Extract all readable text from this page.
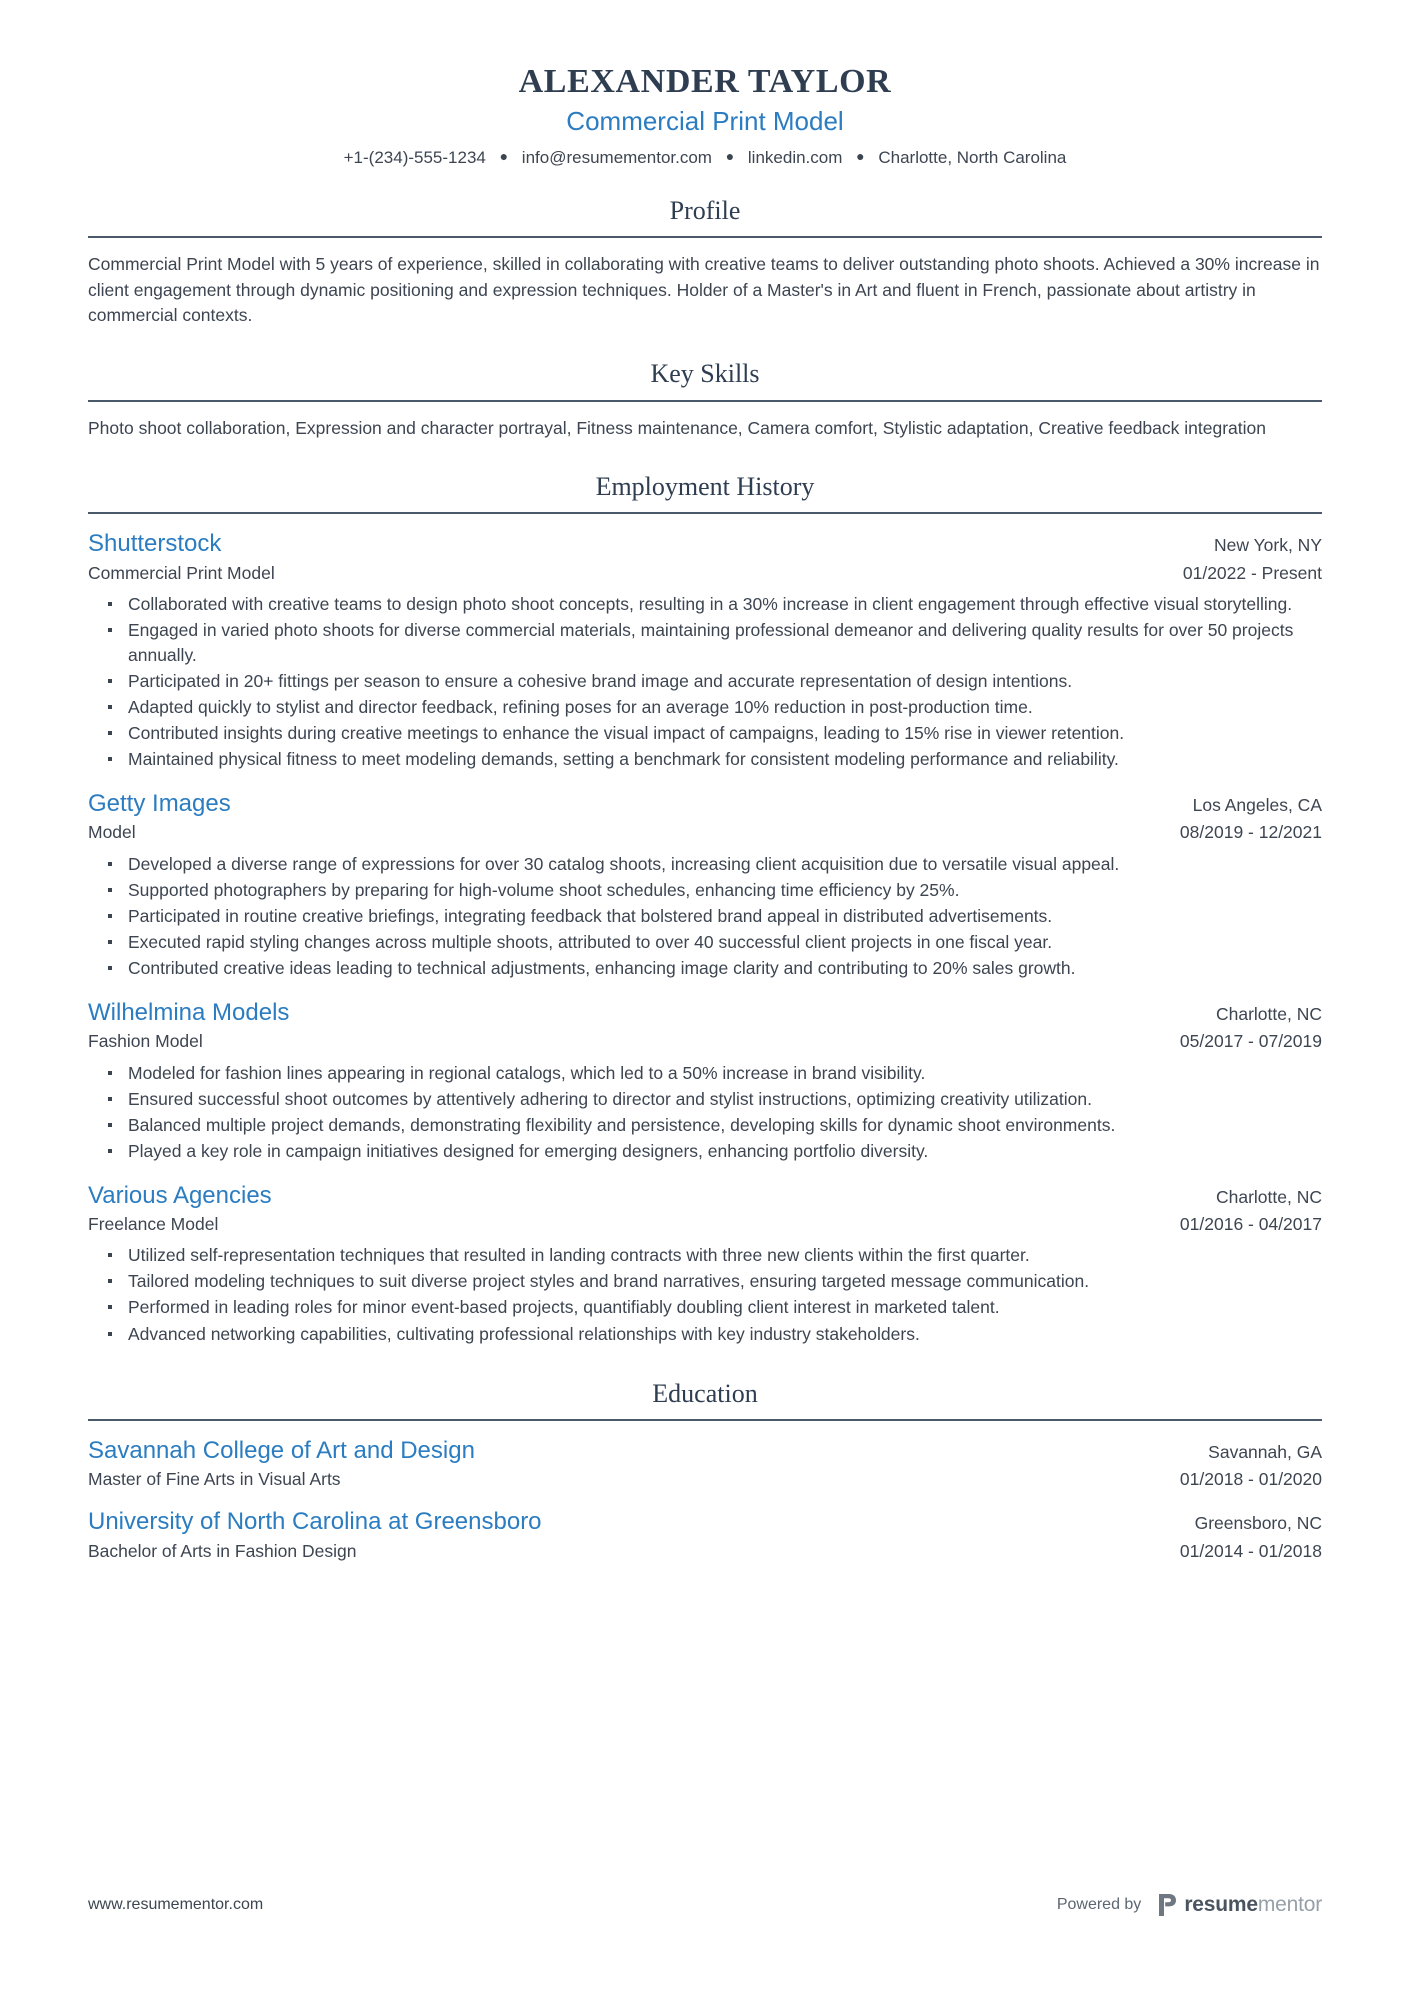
ALEXANDER TAYLOR
Commercial Print Model
+1-(234)-555-1234 ● info@resumementor.com ● linkedin.com ● Charlotte, North Carolina
Profile

Commercial Print Model with 5 years of experience, skilled in collaborating with creative teams to deliver outstanding photo shoots. Achieved a 30% increase in client engagement through dynamic positioning and expression techniques. Holder of a Master's in Art and fluent in French, passionate about artistry in commercial contexts.

Key Skills

Photo shoot collaboration, Expression and character portrayal, Fitness maintenance, Camera comfort, Stylistic adaptation, Creative feedback integration

Employment History
Shutterstock	New York, NY
Commercial Print Model	01/2022 - Present
Collaborated with creative teams to design photo shoot concepts, resulting in a 30% increase in client engagement through effective visual storytelling.
Engaged in varied photo shoots for diverse commercial materials, maintaining professional demeanor and delivering quality results for over 50 projects annually.
Participated in 20+ fittings per season to ensure a cohesive brand image and accurate representation of design intentions.
Adapted quickly to stylist and director feedback, refining poses for an average 10% reduction in post-production time.
Contributed insights during creative meetings to enhance the visual impact of campaigns, leading to 15% rise in viewer retention.
Maintained physical fitness to meet modeling demands, setting a benchmark for consistent modeling performance and reliability.
Getty Images	Los Angeles, CA
Model	08/2019 - 12/2021
Developed a diverse range of expressions for over 30 catalog shoots, increasing client acquisition due to versatile visual appeal.
Supported photographers by preparing for high-volume shoot schedules, enhancing time efficiency by 25%.
Participated in routine creative briefings, integrating feedback that bolstered brand appeal in distributed advertisements.
Executed rapid styling changes across multiple shoots, attributed to over 40 successful client projects in one fiscal year.
Contributed creative ideas leading to technical adjustments, enhancing image clarity and contributing to 20% sales growth.
Wilhelmina Models	Charlotte, NC
Fashion Model	05/2017 - 07/2019
Modeled for fashion lines appearing in regional catalogs, which led to a 50% increase in brand visibility.
Ensured successful shoot outcomes by attentively adhering to director and stylist instructions, optimizing creativity utilization.
Balanced multiple project demands, demonstrating flexibility and persistence, developing skills for dynamic shoot environments.
Played a key role in campaign initiatives designed for emerging designers, enhancing portfolio diversity.
Various Agencies	Charlotte, NC
Freelance Model	01/2016 - 04/2017
Utilized self-representation techniques that resulted in landing contracts with three new clients within the first quarter.
Tailored modeling techniques to suit diverse project styles and brand narratives, ensuring targeted message communication.
Performed in leading roles for minor event-based projects, quantifiably doubling client interest in marketed talent.
Advanced networking capabilities, cultivating professional relationships with key industry stakeholders.
Education
Savannah College of Art and Design	Savannah, GA
Master of Fine Arts in Visual Arts	01/2018 - 01/2020
University of North Carolina at Greensboro	Greensboro, NC
Bachelor of Arts in Fashion Design	01/2014 - 01/2018
www.resumementor.com	Powered by resumementor
